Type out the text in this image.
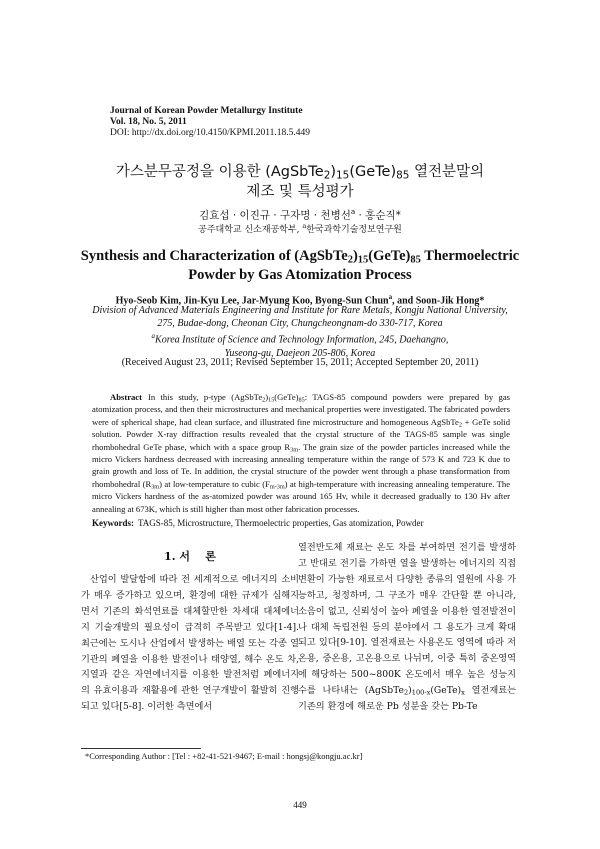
Journal of Korean Powder Metallurgy Institute
Vol. 18, No. 5, 2011
DOI: http://dx.doi.org/10.4150/KPMI.2011.18.5.449
가스분무공정을 이용한 $(AgSbTe_2)_{15}(GeTe)_{85}$ 열전분말의
제조 및 특성평가
김효섭 · 이진규 · 구자명 · 천병선$^a$ · 홍순직*
공주대학교 신소재공학부, $^a$한국과학기술정보연구원
Synthesis and Characterization of $(AgSbTe_2)_{15}(GeTe)_{85}$ Thermoelectric
Powder by Gas Atomization Process
Hyo-Seob Kim, Jin-Kyu Lee, Jar-Myung Koo, Byong-Sun Chun$^a$, and Soon-Jik Hong*
Division of Advanced Materials Engineering and Institute for Rare Metals, Kongju National University,
275, Budae-dong, Cheonan City, Chungcheongnam-do 330-717, Korea
$^a$Korea Institute of Science and Technology Information, 245, Daehangno,
Yuseong-gu, Daejeon 205-806, Korea
(Received August 23, 2011; Revised September 15, 2011; Accepted September 20, 2011)
Abstract In this study, p-type $(AgSbTe_2)_{15}(GeTe)_{85}$: TAGS-85 compound powders were prepared by gas atomization process, and then their microstructures and mechanical properties were investigated. The fabricated powders were of spherical shape, had clean surface, and illustrated fine microstructure and homogeneous AgSbTe$_2$ + GeTe solid solution. Powder X-ray diffraction results revealed that the crystal structure of the TAGS-85 sample was single rhombohedral GeTe phase, which with a space group $R_{3m}$. The grain size of the powder particles increased while the micro Vickers hardness decreased with increasing annealing temperature within the range of 573 K and 723 K due to grain growth and loss of Te. In addition, the crystal structure of the powder went through a phase transformation from rhombohedral $(R_{3m})$ at low-temperature to cubic $(F_{m-3m})$ at high-temperature with increasing annealing temperature. The micro Vickers hardness of the as-atomized powder was around 165 Hv, while it decreased gradually to 130 Hv after annealing at 673K, which is still higher than most other fabrication processes.
Keywords: TAGS-85, Microstructure, Thermoelectric properties, Gas atomization, Powder
1. 서    론
산업이 발달함에 따라 전 세계적으로 에너지의 소비가 매우 증가하고 있으며, 환경에 대한 규제가 심해지면서 기존의 화석연료를 대체할만한 차세대 대체에너지 기술개발의 필요성이 급격히 주목받고 있다[1-4]. 최근에는 도시나 산업에서 발생하는 배열 또는 각종 열기관의 폐열을 이용한 발전이나 태양열, 해수 온도 차, 지열과 같은 자연에너지를 이용한 발전처럼 폐에너지의 유효이용과 재활용에 관한 연구개발이 활발히 진행되고 있다[5-8]. 이러한 측면에서
열전반도체 재료는 온도 차를 부여하면 전기를 발생하고 반대로 전기를 가하면 열을 발생하는 에너지의 직접변환이 가능한 재료로서 다양한 종류의 열원에 사용 가능하고, 청정하며, 그 구조가 매우 간단할 뿐 아니라, 소음이 없고, 신뢰성이 높아 폐열을 이용한 열전발전이나 대체 독립전원 등의 분야에서 그 용도가 크게 확대되고 있다[9-10]. 열전재료는 사용온도 영역에 따라 저온용, 중온용, 고온용으로 나뉘며, 이중 특히 중온영역에 해당하는 500~800K 온도에서 매우 높은 성능지수를 나타내는 $(AgSbTe_2)_{100-x}(GeTe)_x$ 열전재료는 기존의 환경에 해로운 Pb 성분을 갖는 Pb-Te
*Corresponding Author : [Tel : +82-41-521-9467; E-mail : hongsj@kongju.ac.kr]
449
